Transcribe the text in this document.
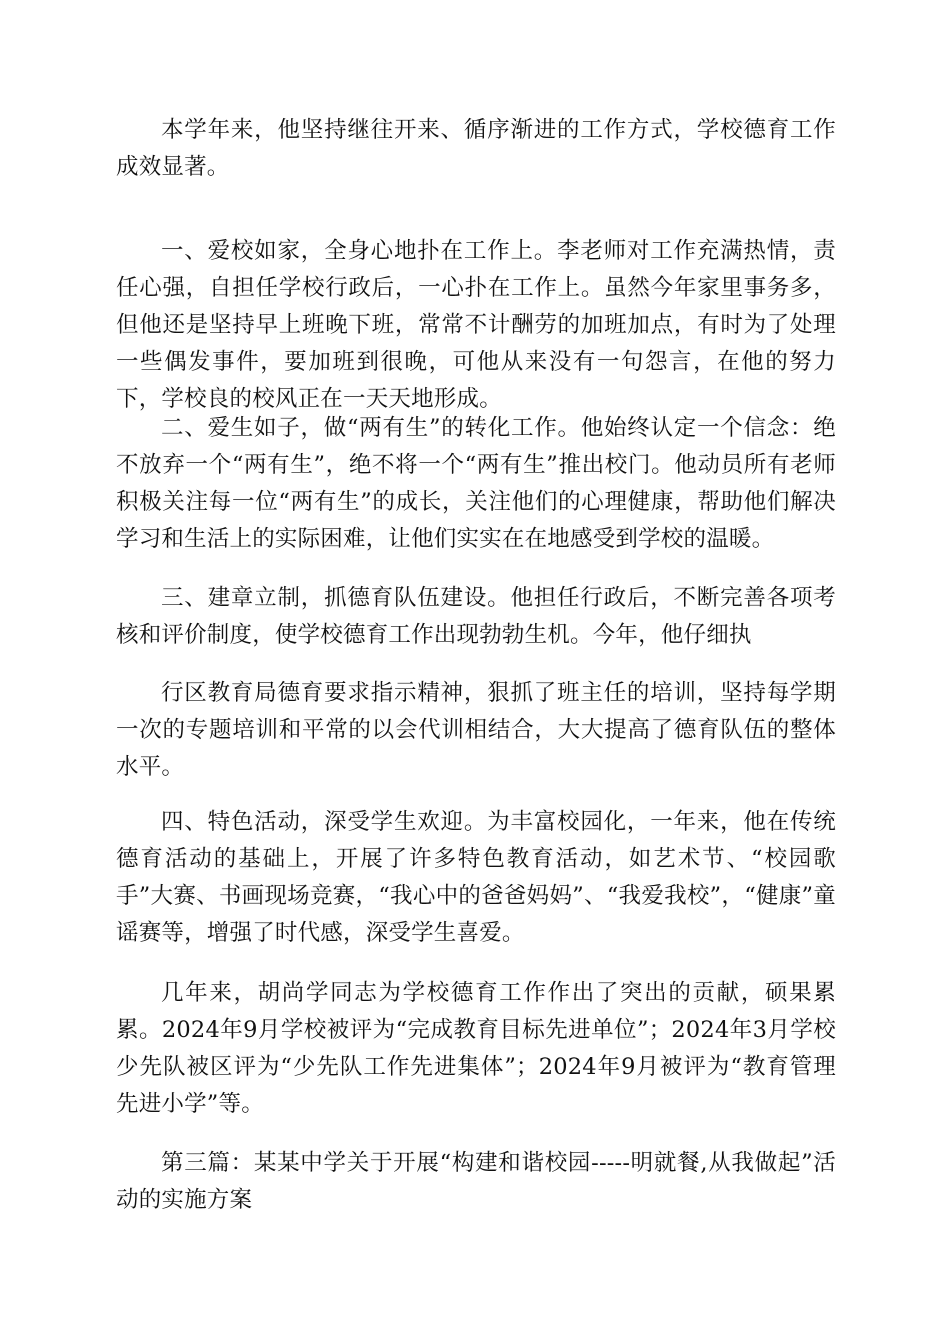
本学年来，他坚持继往开来、循序渐进的工作方式，学校德育工作成效显著。

一、爱校如家，全身心地扑在工作上。李老师对工作充满热情，责任心强，自担任学校行政后，一心扑在工作上。虽然今年家里事务多，但他还是坚持早上班晚下班，常常不计酬劳的加班加点，有时为了处理一些偶发事件，要加班到很晚，可他从来没有一句怨言，在他的努力下，学校良的校风正在一天天地形成。

二、爱生如子，做“两有生”的转化工作。他始终认定一个信念：绝不放弃一个“两有生”，绝不将一个“两有生”推出校门。他动员所有老师积极关注每一位“两有生”的成长，关注他们的心理健康，帮助他们解决学习和生活上的实际困难，让他们实实在在地感受到学校的温暖。

三、建章立制，抓德育队伍建设。他担任行政后，不断完善各项考核和评价制度，使学校德育工作出现勃勃生机。今年，他仔细执

行区教育局德育要求指示精神，狠抓了班主任的培训，坚持每学期一次的专题培训和平常的以会代训相结合，大大提高了德育队伍的整体水平。

四、特色活动，深受学生欢迎。为丰富校园化，一年来，他在传统德育活动的基础上，开展了许多特色教育活动，如艺术节、“校园歌手”大赛、书画现场竞赛，“我心中的爸爸妈妈”、“我爱我校”，“健康”童谣赛等，增强了时代感，深受学生喜爱。

几年来，胡尚学同志为学校德育工作作出了突出的贡献，硕果累累。2024年9月学校被评为“完成教育目标先进单位”；2024年3月学校少先队被区评为“少先队工作先进集体”；2024年9月被评为“教育管理先进小学”等。

第三篇：某某中学关于开展“构建和谐校园-----明就餐,从我做起”活动的实施方案
